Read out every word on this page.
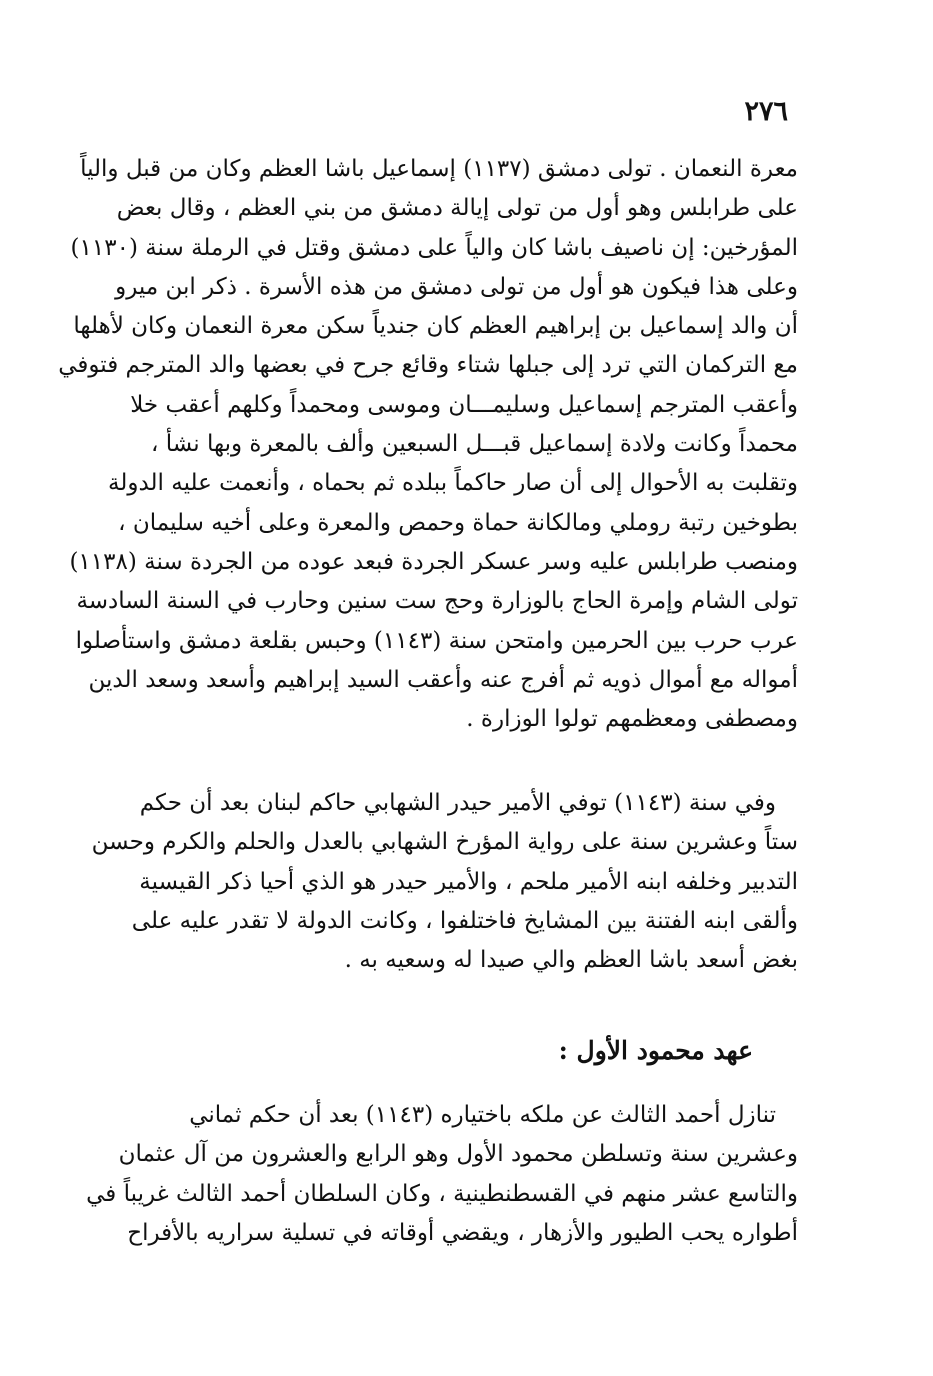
٢٧٦
معرة النعمان . تولى دمشق (١١٣٧) إسماعيل باشا العظم وكان من قبل والياً
على طرابلس وهو أول من تولى إيالة دمشق من بني العظم ، وقال بعض
المؤرخين: إن ناصيف باشا كان والياً على دمشق وقتل في الرملة سنة (١١٣٠)
وعلى هذا فيكون هو أول من تولى دمشق من هذه الأسرة . ذكر ابن ميرو
أن والد إسماعيل بن إبراهيم العظم كان جندياً سكن معرة النعمان وكان لأهلها
مع التركمان التي ترد إلى جبلها شتاء وقائع جرح في بعضها والد المترجم فتوفي
وأعقب المترجم إسماعيل وسليمـــان وموسى ومحمداً وكلهم أعقب خلا
محمداً وكانت ولادة إسماعيل قبـــل السبعين وألف بالمعرة وبها نشأ ،
وتقلبت به الأحوال إلى أن صار حاكماً ببلده ثم بحماه ، وأنعمت عليه الدولة
بطوخين رتبة روملي ومالكانة حماة وحمص والمعرة وعلى أخيه سليمان ،
ومنصب طرابلس عليه وسر عسكر الجردة فبعد عوده من الجردة سنة (١١٣٨)
تولى الشام وإمرة الحاج بالوزارة وحج ست سنين وحارب في السنة السادسة
عرب حرب بين الحرمين وامتحن سنة (١١٤٣) وحبس بقلعة دمشق واستأصلوا
أمواله مع أموال ذويه ثم أفرج عنه وأعقب السيد إبراهيم وأسعد وسعد الدين
ومصطفى ومعظمهم تولوا الوزارة .
وفي سنة (١١٤٣) توفي الأمير حيدر الشهابي حاكم لبنان بعد أن حكم
ستاً وعشرين سنة على رواية المؤرخ الشهابي بالعدل والحلم والكرم وحسن
التدبير وخلفه ابنه الأمير ملحم ، والأمير حيدر هو الذي أحيا ذكر القيسية
وألقى ابنه الفتنة بين المشايخ فاختلفوا ، وكانت الدولة لا تقدر عليه على
بغض أسعد باشا العظم والي صيدا له وسعيه به .
عهد محمود الأول :
تنازل أحمد الثالث عن ملكه باختياره (١١٤٣) بعد أن حكم ثماني
وعشرين سنة وتسلطن محمود الأول وهو الرابع والعشرون من آل عثمان
والتاسع عشر منهم في القسطنطينية ، وكان السلطان أحمد الثالث غريباً في
أطواره يحب الطيور والأزهار ، ويقضي أوقاته في تسلية سراريه بالأفراح
